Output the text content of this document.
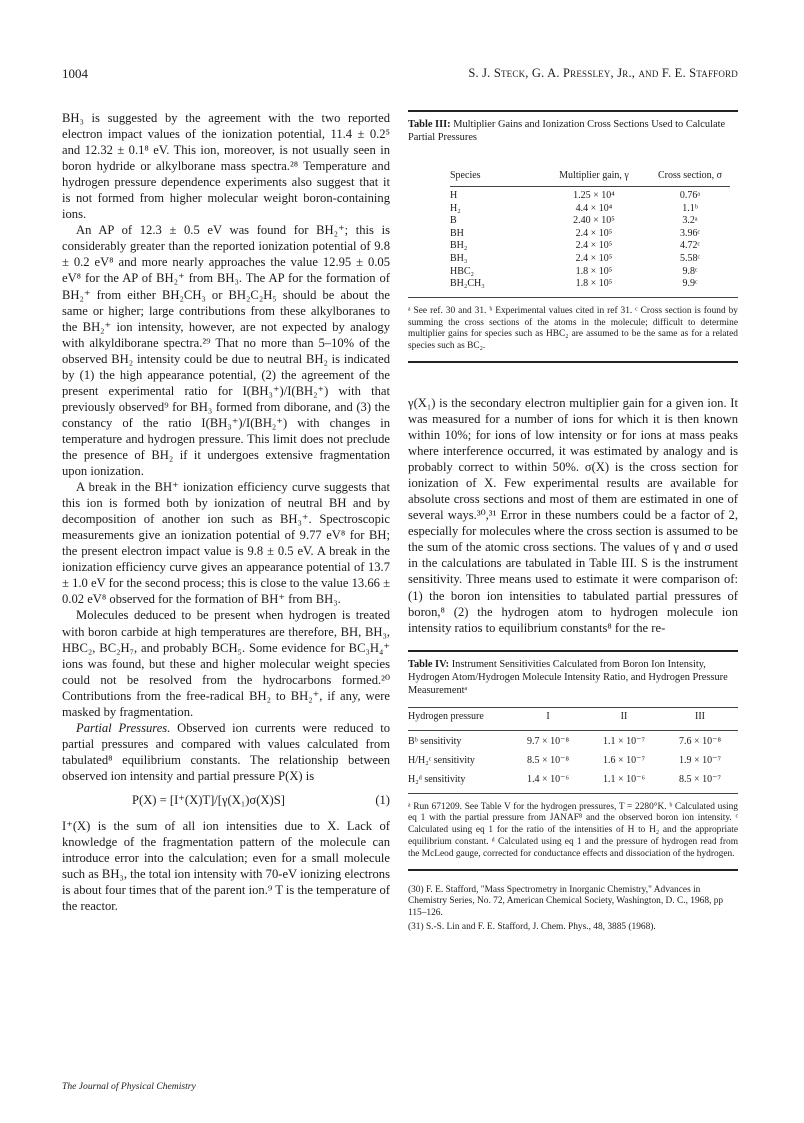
1004	S. J. Steck, G. A. Pressley, Jr., and F. E. Stafford

BH₃ is suggested by the agreement with the two reported electron impact values of the ionization potential, 11.4 ± 0.2⁵ and 12.32 ± 0.1⁸ eV. This ion, moreover, is not usually seen in boron hydride or alkylborane mass spectra.²⁸ Temperature and hydrogen pressure dependence experiments also suggest that it is not formed from higher molecular weight boron-containing ions.

An AP of 12.3 ± 0.5 eV was found for BH₂⁺; this is considerably greater than the reported ionization potential of 9.8 ± 0.2 eV⁸ and more nearly approaches the value 12.95 ± 0.05 eV⁸ for the AP of BH₂⁺ from BH₃. The AP for the formation of BH₂⁺ from either BH₂CH₃ or BH₂C₂H₅ should be about the same or higher; large contributions from these alkylboranes to the BH₂⁺ ion intensity, however, are not expected by analogy with alkyldiborane spectra.²⁹ That no more than 5–10% of the observed BH₂ intensity could be due to neutral BH₂ is indicated by (1) the high appearance potential, (2) the agreement of the present experimental ratio for I(BH₃⁺)/I(BH₂⁺) with that previously observed⁹ for BH₃ formed from diborane, and (3) the constancy of the ratio I(BH₃⁺)/I(BH₂⁺) with changes in temperature and hydrogen pressure. This limit does not preclude the presence of BH₂ if it undergoes extensive fragmentation upon ionization.

A break in the BH⁺ ionization efficiency curve suggests that this ion is formed both by ionization of neutral BH and by decomposition of another ion such as BH₃⁺. Spectroscopic measurements give an ionization potential of 9.77 eV⁸ for BH; the present electron impact value is 9.8 ± 0.5 eV. A break in the ionization efficiency curve gives an appearance potential of 13.7 ± 1.0 eV for the second process; this is close to the value 13.66 ± 0.02 eV⁸ observed for the formation of BH⁺ from BH₃.

Molecules deduced to be present when hydrogen is treated with boron carbide at high temperatures are therefore, BH, BH₃, HBC₂, BC₂H₇, and probably BCH₅. Some evidence for BC₃H₄⁺ ions was found, but these and higher molecular weight species could not be resolved from the hydrocarbons formed.²⁰ Contributions from the free-radical BH₂ to BH₂⁺, if any, were masked by fragmentation.

Partial Pressures. Observed ion currents were reduced to partial pressures and compared with values calculated from tabulated⁸ equilibrium constants. The relationship between observed ion intensity and partial pressure P(X) is

P(X) = [I⁺(X)T]/[γ(X₁)σ(X)S]	(1)

I⁺(X) is the sum of all ion intensities due to X. Lack of knowledge of the fragmentation pattern of the molecule can introduce error into the calculation; even for a small molecule such as BH₃, the total ion intensity with 70-eV ionizing electrons is about four times that of the parent ion.⁹ T is the temperature of the reactor.

Table III: Multiplier Gains and Ionization Cross Sections Used to Calculate Partial Pressures
Species	Multiplier gain, γ	Cross section, σ

H	1.25 × 10⁴	0.76ᵃ
H₂	4.4 × 10⁴	1.1ᵇ
B	2.40 × 10⁵	3.2ᵃ
BH	2.4 × 10⁵	3.96ᶜ
BH₂	2.4 × 10⁵	4.72ᶜ
BH₃	2.4 × 10⁵	5.58ᶜ
HBC₂	1.8 × 10⁵	9.8ᶜ
BH₂CH₃	1.8 × 10⁵	9.9ᶜ
ᵃ See ref. 30 and 31. ᵇ Experimental values cited in ref 31. ᶜ Cross section is found by summing the cross sections of the atoms in the molecule; difficult to determine multiplier gains for species such as HBC₂ are assumed to be the same as for a related species such as BC₂.

γ(X₁) is the secondary electron multiplier gain for a given ion. It was measured for a number of ions for which it is then known within 10%; for ions of low intensity or for ions at mass peaks where interference occurred, it was estimated by analogy and is probably correct to within 50%. σ(X) is the cross section for ionization of X. Few experimental results are available for absolute cross sections and most of them are estimated in one of several ways.³⁰,³¹ Error in these numbers could be a factor of 2, especially for molecules where the cross section is assumed to be the sum of the atomic cross sections. The values of γ and σ used in the calculations are tabulated in Table III. S is the instrument sensitivity. Three means used to estimate it were comparison of: (1) the boron ion intensities to tabulated partial pressures of boron,⁸ (2) the hydrogen atom to hydrogen molecule ion intensity ratios to equilibrium constants⁸ for the re-

Table IV: Instrument Sensitivities Calculated from Boron Ion Intensity, Hydrogen Atom/Hydrogen Molecule Intensity Ratio, and Hydrogen Pressure Measurementᵃ
Hydrogen pressure	I	II	III

Bᵇ sensitivity	9.7 × 10⁻⁸	1.1 × 10⁻⁷	7.6 × 10⁻⁸
H/H₂ᶜ sensitivity	8.5 × 10⁻⁸	1.6 × 10⁻⁷	1.9 × 10⁻⁷
H₂ᵈ sensitivity	1.4 × 10⁻⁶	1.1 × 10⁻⁶	8.5 × 10⁻⁷
ᵃ Run 671209. See Table V for the hydrogen pressures, T = 2280°K. ᵇ Calculated using eq 1 with the partial pressure from JANAF⁸ and the observed boron ion intensity. ᶜ Calculated using eq 1 for the ratio of the intensities of H to H₂ and the appropriate equilibrium constant. ᵈ Calculated using eq 1 and the pressure of hydrogen read from the McLeod gauge, corrected for conductance effects and dissociation of the hydrogen.
(30) F. E. Stafford, "Mass Spectrometry in Inorganic Chemistry," Advances in Chemistry Series, No. 72, American Chemical Society, Washington, D. C., 1968, pp 115–126.
(31) S.-S. Lin and F. E. Stafford, J. Chem. Phys., 48, 3885 (1968).
The Journal of Physical Chemistry
